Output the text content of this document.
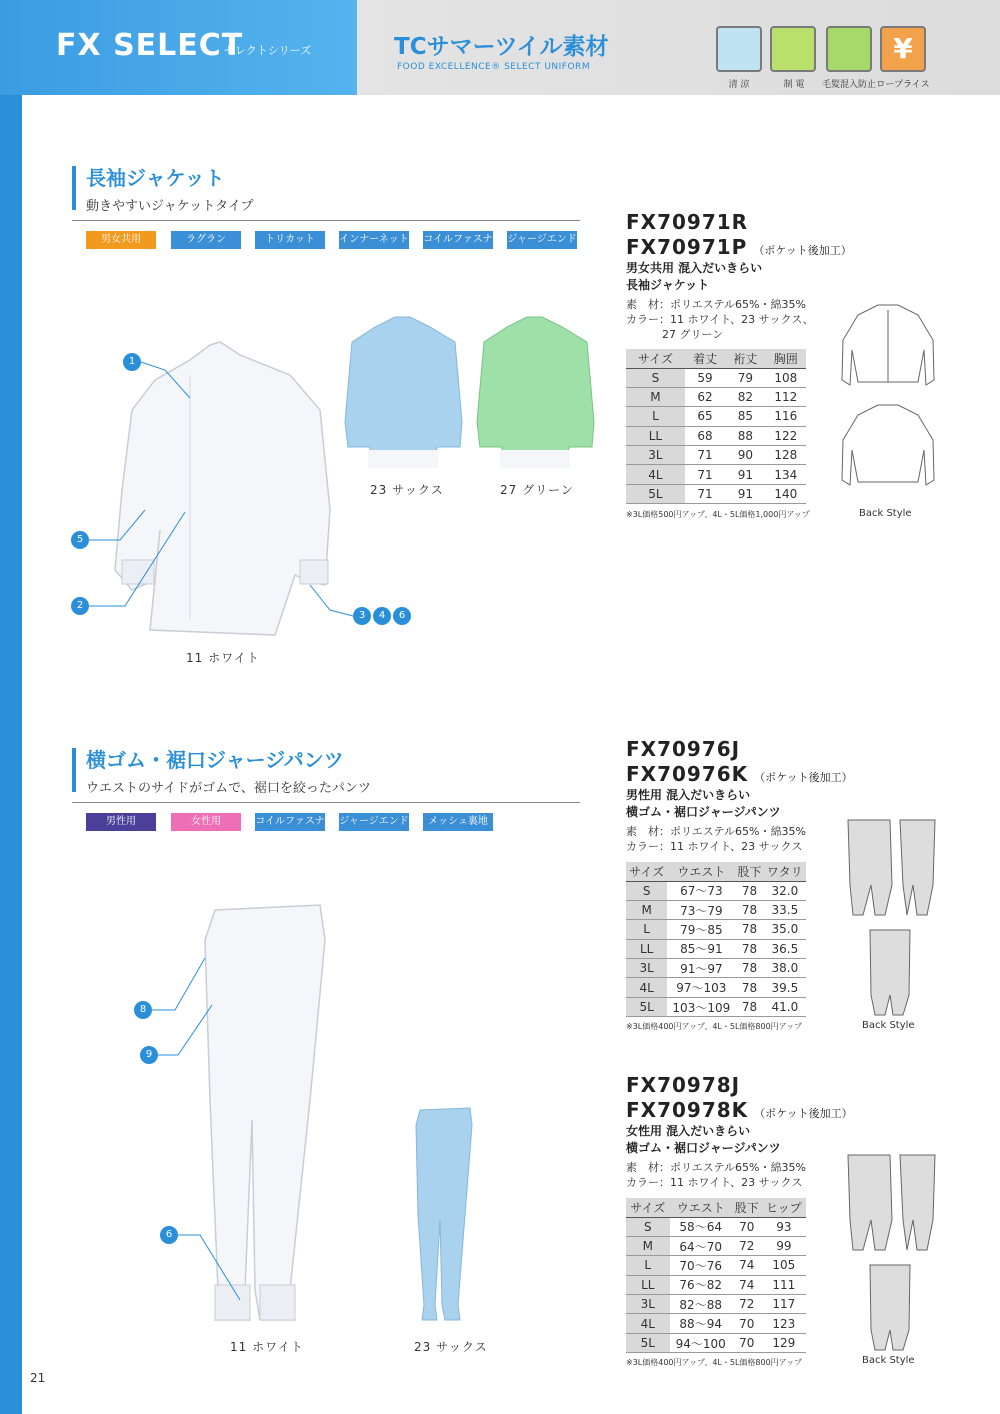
FX SELECT
セレクトシリーズ	TCサマーツイル素材
FOOD EXCELLENCE® SELECT UNIFORM
清 涼	制 電	毛髪混入防止
¥
ロープライス
長袖ジャケット
動きやすいジャケットタイプ
男女共用	ラグラン	トリカット	インナーネット コイルファスナー
ジャージエンド
1
5
2
3	4	6
11 ホワイト
23 サックス	27 グリーン
FX70971R
FX70971P （ポケット後加工）
男女共用 混入だいきらい
長袖ジャケット
素　材：ポリエステル65%・綿35%
カラー：11 ホワイト、23 サックス、
27 グリーン
サイズ	着丈	裄丈	胸囲
S	59	79	108
M	62	82	112
L	65	85	116
LL	68	88	122
3L	71	90	128
4L	71	91	134
5L	71	91	140
※3L価格500円アップ、4L・5L価格1,000円アップ	Back Style
横ゴム・裾口ジャージパンツ
ウエストのサイドがゴムで、裾口を絞ったパンツ
男性用	女性用	コイルファスナー
ジャージエンド	メッシュ裏地
8
9
6
11 ホワイト	23 サックス
FX70976J
FX70976K （ポケット後加工）
男性用 混入だいきらい
横ゴム・裾口ジャージパンツ
素　材：ポリエステル65%・綿35%
カラー：11 ホワイト、23 サックス
サイズ	ウエスト	股下	ワタリ
S	67～73	78	32.0
M	73～79	78	33.5
L	79～85	78	35.0
LL	85～91	78	36.5
3L	91～97	78	38.0
4L	97～103	78	39.5
5L	103～109	78	41.0
※3L価格400円アップ、4L・5L価格800円アップ	Back Style
FX70978J
FX70978K （ポケット後加工）
女性用 混入だいきらい
横ゴム・裾口ジャージパンツ
素　材：ポリエステル65%・綿35%
カラー：11 ホワイト、23 サックス
サイズ	ウエスト	股下	ヒップ
S	58～64	70	93
M	64～70	72	99
L	70～76	74	105
LL	76～82	74	111
3L	82～88	72	117
4L	88～94	70	123
5L	94～100	70	129
※3L価格400円アップ、4L・5L価格800円アップ	Back Style
21
